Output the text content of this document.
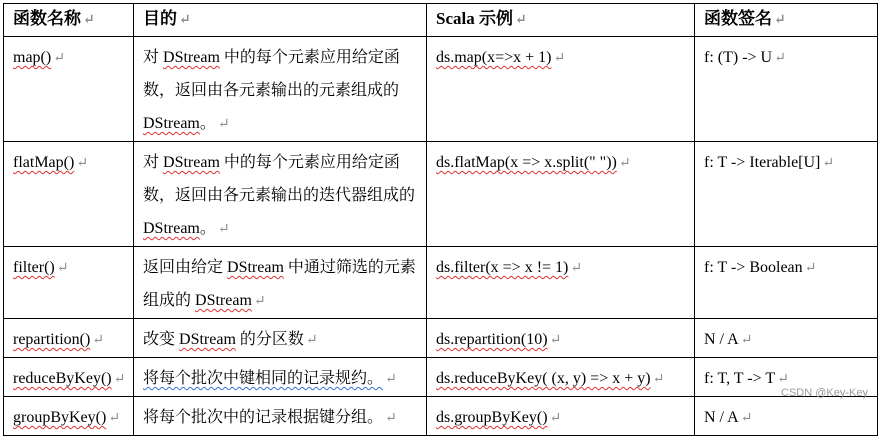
函数名称 ↵	目的 ↵	Scala 示例 ↵	函数签名 ↵
map() ↵	对 DStream 中的每个元素应用给定函数，返回由各元素输出的元素组成的 DStream。 ↵	ds.map(x=>x + 1) ↵	f: (T) -> U ↵
flatMap() ↵	对 DStream 中的每个元素应用给定函数，返回由各元素输出的迭代器组成的 DStream。 ↵	ds.flatMap(x => x.split(" ")) ↵	f: T -> Iterable[U] ↵
filter() ↵	返回由给定 DStream 中通过筛选的元素组成的 DStream ↵	ds.filter(x => x != 1) ↵	f: T -> Boolean ↵
repartition() ↵	改变 DStream 的分区数 ↵	ds.repartition(10) ↵	N / A ↵
reduceByKey() ↵	将每个批次中键相同的记录规约。 ↵	ds.reduceByKey( (x, y) => x + y) ↵	f: T, T -> T ↵
groupByKey() ↵	将每个批次中的记录根据键分组。 ↵	ds.groupByKey() ↵	N / A ↵
CSDN @Key-Key
